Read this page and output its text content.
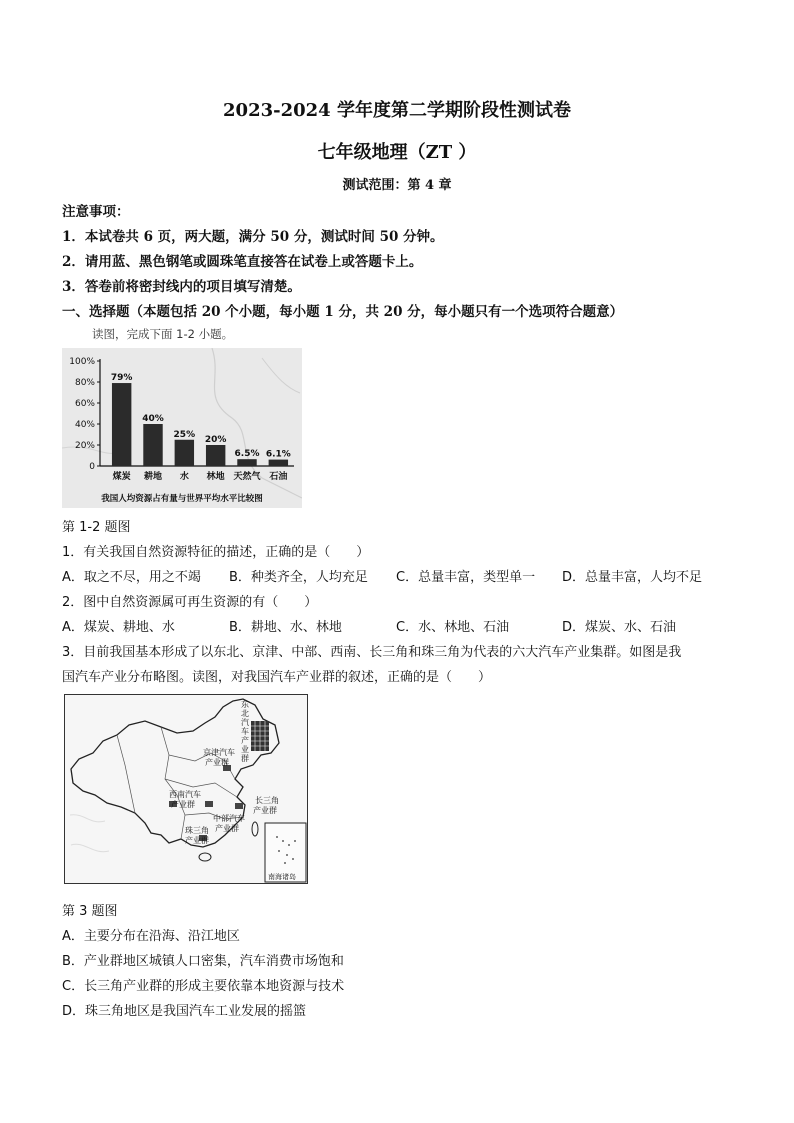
2023-2024 学年度第二学期阶段性测试卷
七年级地理（ZT ）
测试范围：第 4 章
注意事项：
1．本试卷共 6 页，两大题，满分 50 分，测试时间 50 分钟。
2．请用蓝、黑色钢笔或圆珠笔直接答在试卷上或答题卡上。
3．答卷前将密封线内的项目填写清楚。
一、选择题（本题包括 20 个小题，每小题 1 分，共 20 分，每小题只有一个选项符合题意）
读图，完成下面 1-2 小题。
0
20%
40%
60%
80%
100%
79%
煤炭
40%
耕地
25%
水
20%
林地
6.5%
天然气
6.1%
石油
我国人均资源占有量与世界平均水平比较图
第 1-2 题图
1．有关我国自然资源特征的描述，正确的是（　　）
A．取之不尽，用之不竭 B．种类齐全，人均充足 C．总量丰富，类型单一 D．总量丰富，人均不足
2．图中自然资源属可再生资源的有（　　）
A．煤炭、耕地、水	B．耕地、水、林地	C．水、林地、石油	D．煤炭、水、石油
3．目前我国基本形成了以东北、京津、中部、西南、长三角和珠三角为代表的六大汽车产业集群。如图是我
国汽车产业分布略图。读图，对我国汽车产业群的叙述，正确的是（　　）
东
北
汽
车
产
业
群
京津汽车
产业群
西南汽车
产业群	长三角
产业群
中部汽车
产业群
珠三角
产业群
南海诸岛
第 3 题图
A．主要分布在沿海、沿江地区
B．产业群地区城镇人口密集，汽车消费市场饱和
C．长三角产业群的形成主要依靠本地资源与技术
D．珠三角地区是我国汽车工业发展的摇篮
